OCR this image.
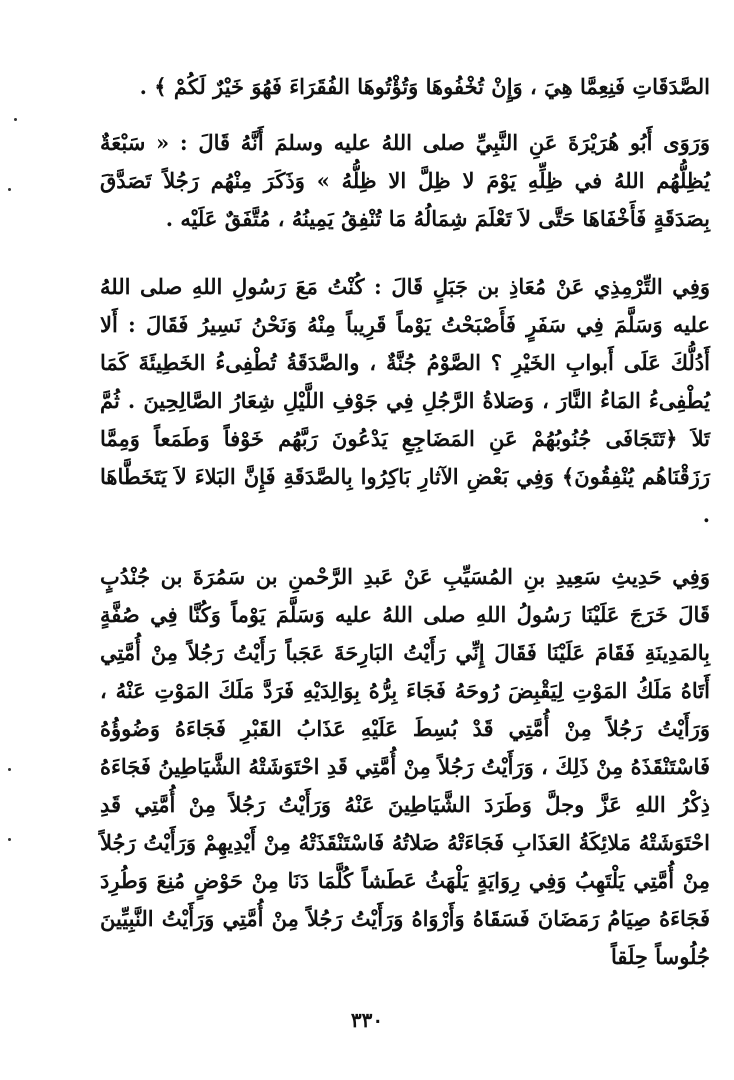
الصَّدَقَاتِ فَنِعِمَّا هِيَ ، وَإِنْ تُخْفُوهَا وَتُؤْتُوهَا الفُقَرَاءَ فَهُوَ خَيْرٌ لَكُمْ ﴾ .

وَرَوَى أَبُو هُرَيْرَةَ عَنِ النَّبِيِّ صلى اللهُ عليه وسلمَ أَنَّهُ قَالَ : « سَبْعَةٌ يُظِلُّهُم اللهُ في ظِلِّهِ يَوْمَ لا ظِلَّ الا ظِلُّهُ » وَذَكَرَ مِنْهُم رَجُلاً تَصَدَّقَ بِصَدَقَةٍ فَأَخْفَاهَا حَتَّى لاَ تَعْلَمَ شِمَالُهُ مَا تُنْفِقُ يَمِينُهُ ، مُتَّفَقٌ عَلَيْه .

وَفِي التِّرْمِذِي عَنْ مُعَاذِ بن جَبَلٍ قَالَ : كُنْتُ مَعَ رَسُولِ اللهِ صلى اللهُ عليه وَسَلَّمَ فِي سَفَرٍ فَأَصْبَحْتُ يَوْماً قَرِيباً مِنْهُ وَنَحْنُ نَسِيرُ فَقَالَ : أَلا أَدُلُّكَ عَلَى أَبوابِ الخَيْرِ ؟ الصَّوْمُ جُنَّةٌ ، والصَّدَقَةُ تُطْفِىءُ الخَطِيئَةَ كَمَا يُطْفِىءُ المَاءُ النَّارَ ، وَصَلاةُ الرَّجُلِ فِي جَوْفِ اللَّيْلِ شِعَارُ الصَّالِحِينَ . ثُمَّ تَلاَ ﴿تَتَجَافَى جُنُوبُهُمْ عَنِ المَضَاجِعِ يَدْعُونَ رَبَّهُم خَوْفاً وَطَمَعاً وَمِمَّا رَزَقْنَاهُم يُنْفِقُونَ﴾ وَفِي بَعْضِ الآثارِ بَاكِرُوا بِالصَّدَقَةِ فَإِنَّ البَلاءَ لاَ يَتَخَطَّاهَا .

وَفِي حَدِيثِ سَعِيدِ بنِ المُسَيِّبِ عَنْ عَبدِ الرَّحْمنِ بن سَمُرَةَ بن جُنْدُبٍ قَالَ خَرَجَ عَلَيْنَا رَسُولُ اللهِ صلى اللهُ عليه وَسَلَّمَ يَوْماً وَكُنَّا فِي صُفَّةٍ بِالمَدِينَةِ فَقَامَ عَلَيْنَا فَقَالَ إِنِّي رَأَيْتُ البَارِحَةَ عَجَباً رَأَيْتُ رَجُلاً مِنْ أُمَّتِي أَتَاهُ مَلَكُ المَوْتِ لِيَقْبِضَ رُوحَهُ فَجَاءَ بِرُّهُ بِوَالِدَيْهِ فَرَدَّ مَلَكَ المَوْتِ عَنْهُ ، وَرَأَيْتُ رَجُلاً مِنْ أُمَّتِي قَدْ بُسِطَ عَلَيْهِ عَذَابُ القَبْرِ فَجَاءَهُ وَضُوؤُهُ فَاسْتَنْقَذَهُ مِنْ ذَلِكَ ، وَرَأَيْتُ رَجُلاً مِنْ أُمَّتِي قَدِ احْتَوَشَتْهُ الشَّيَاطِينُ فَجَاءَهُ ذِكْرُ اللهِ عَزَّ وجلَّ وَطَرَدَ الشَّيَاطِينَ عَنْهُ وَرَأَيْتُ رَجُلاً مِنْ أُمَّتِي قَدِ احْتَوَشَتْهُ مَلائِكَةُ العَذَابِ فَجَاءَتْهُ صَلاتُهُ فَاسْتَنْقَذَتْهُ مِنْ أَيْدِيهِمْ وَرَأَيْتُ رَجُلاً مِنْ أُمَّتِي يَلْتَهِبُ وَفِي رِوَايَةٍ يَلْهَثُ عَطَشاً كُلَّمَا دَنَا مِنْ حَوْضٍ مُنِعَ وَطُرِدَ فَجَاءَهُ صِيَامُ رَمَضَانَ فَسَقَاهُ وَأَرْوَاهُ وَرَأَيْتُ رَجُلاً مِنْ أُمَّتِي وَرَأَيْتُ النَّبِيِّينَ جُلُوساً حِلَقاً

٣٣٠
